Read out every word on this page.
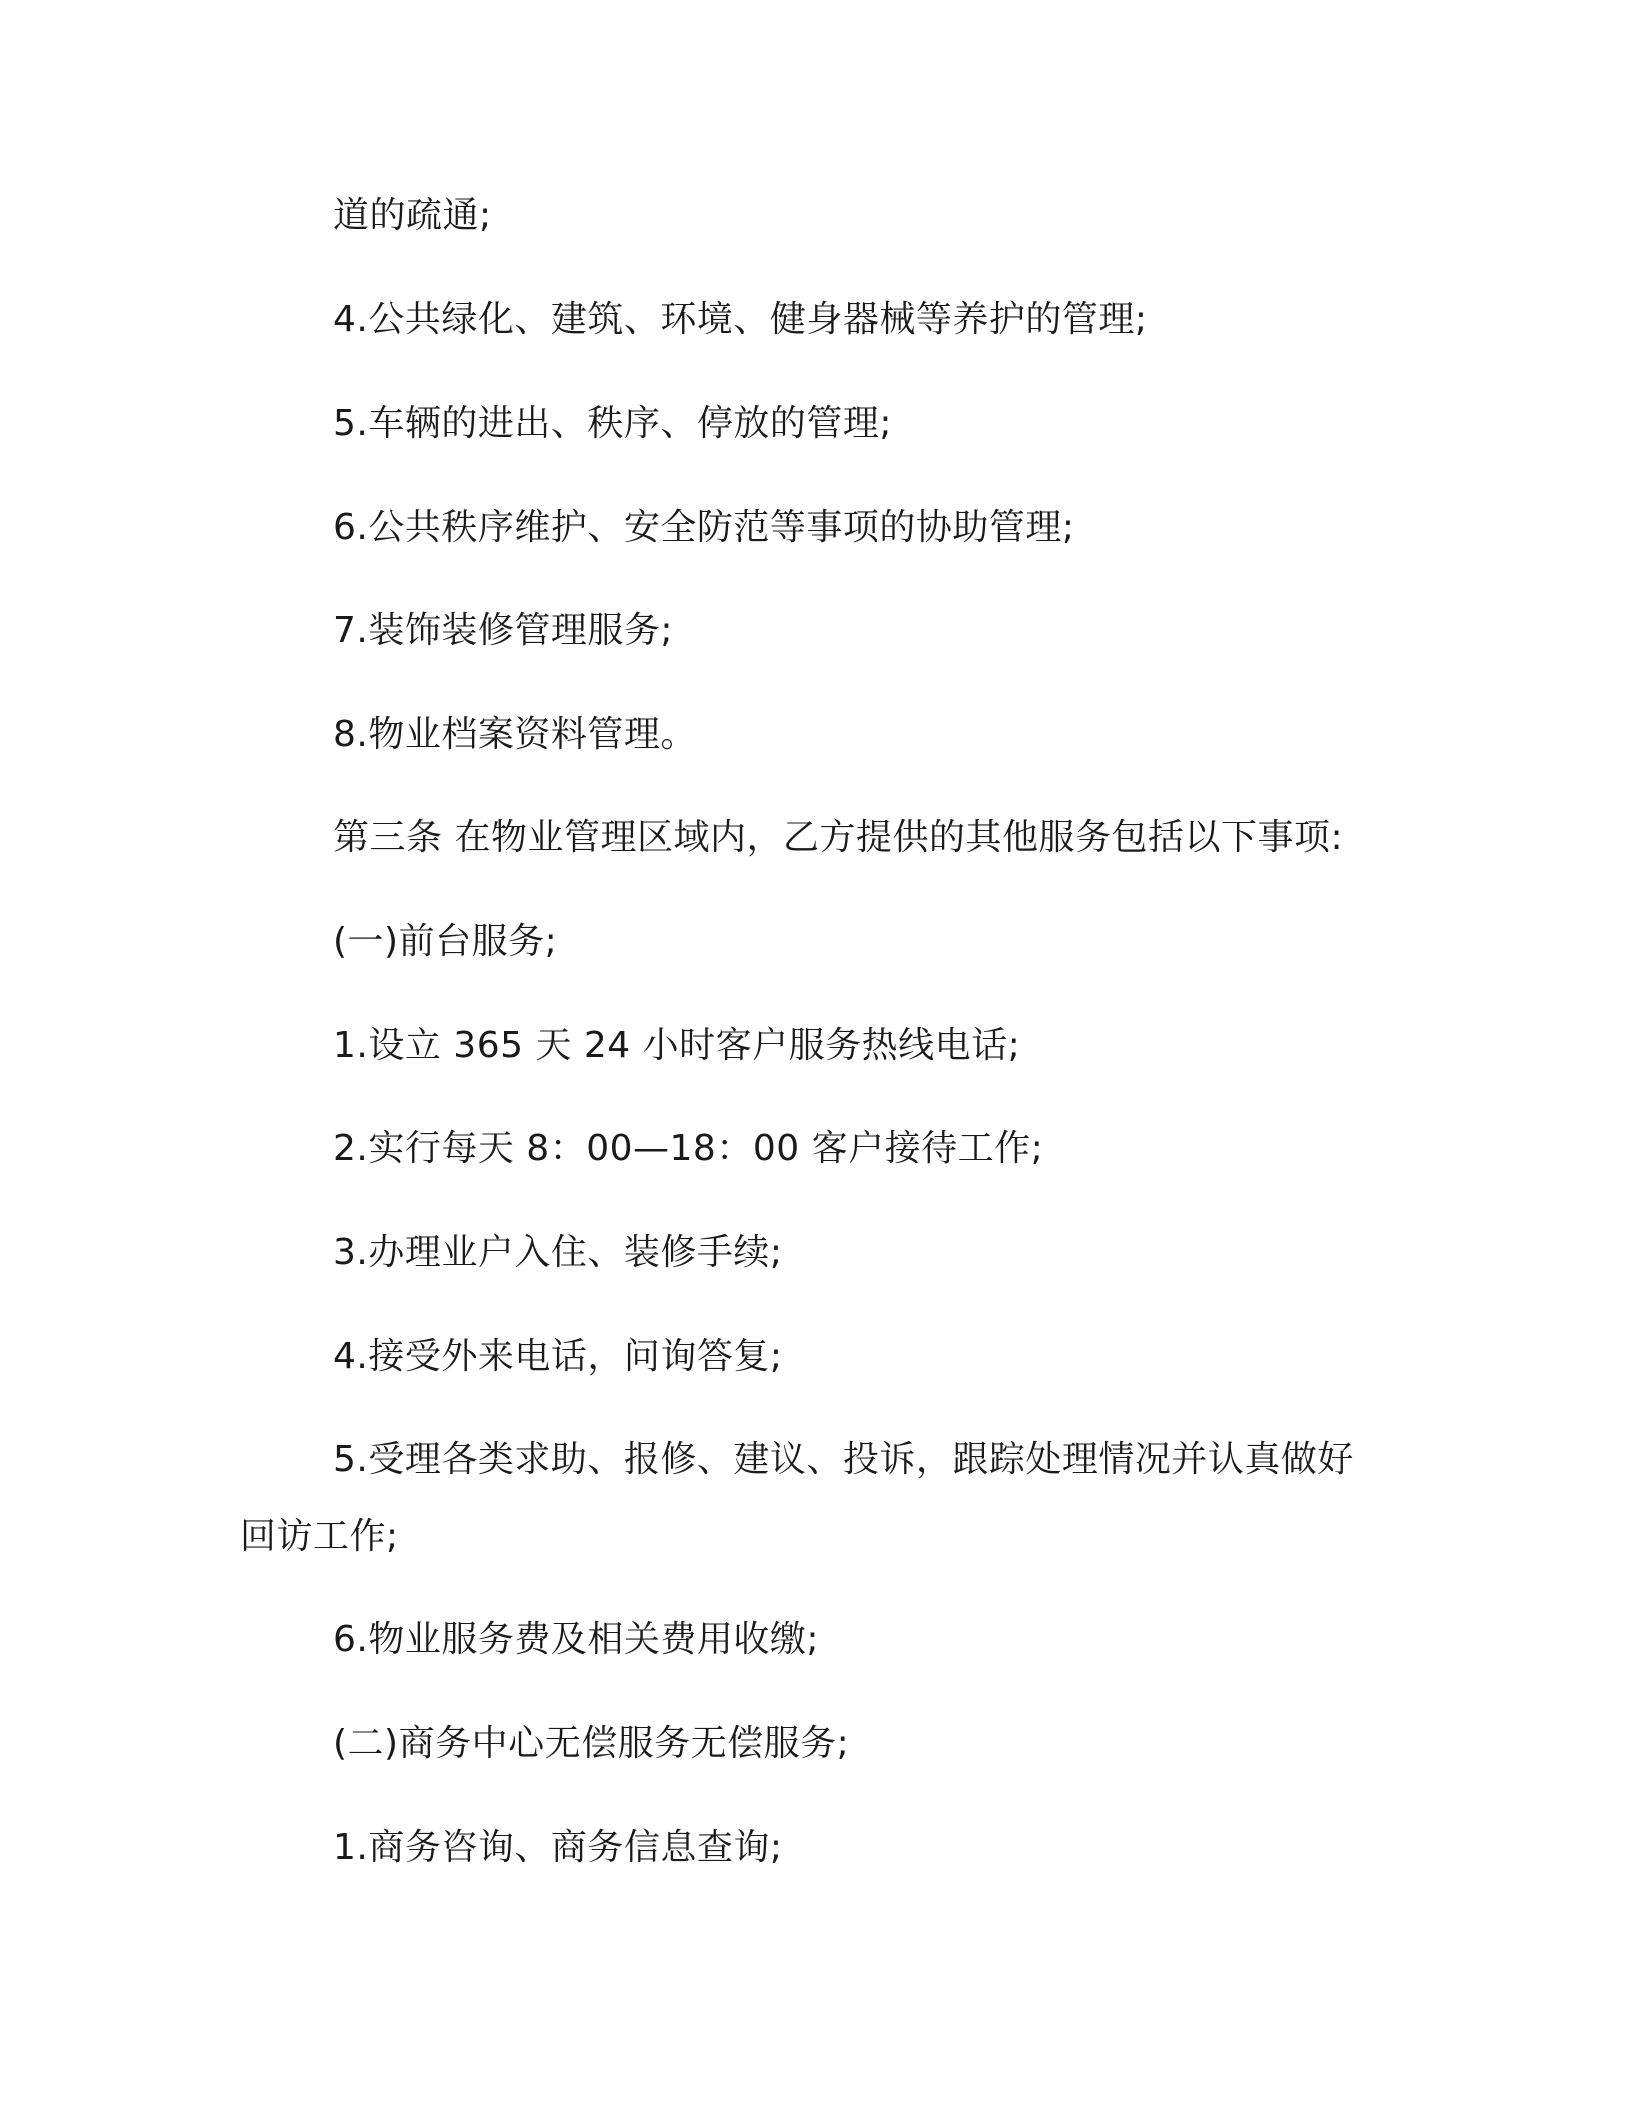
道的疏通;
4.公共绿化、建筑、环境、健身器械等养护的管理;
5.车辆的进出、秩序、停放的管理;
6.公共秩序维护、安全防范等事项的协助管理;
7.装饰装修管理服务;
8.物业档案资料管理。
第三条 在物业管理区域内，乙方提供的其他服务包括以下事项:
(一)前台服务;
1.设立 365 天 24 小时客户服务热线电话;
2.实行每天 8：00—18：00 客户接待工作;
3.办理业户入住、装修手续;
4.接受外来电话，问询答复;
5.受理各类求助、报修、建议、投诉，跟踪处理情况并认真做好
回访工作;
6.物业服务费及相关费用收缴;
(二)商务中心无偿服务无偿服务;
1.商务咨询、商务信息查询;
